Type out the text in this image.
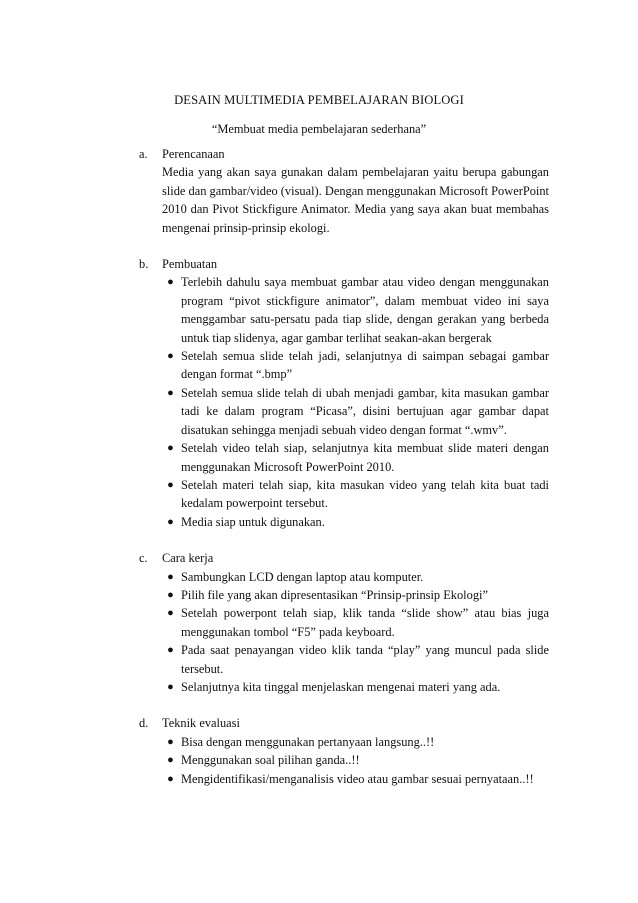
DESAIN MULTIMEDIA PEMBELAJARAN BIOLOGI
“Membuat media pembelajaran sederhana”
a.	Perencanaan
Media yang akan saya gunakan dalam pembelajaran yaitu berupa gabungan slide dan gambar/video (visual). Dengan menggunakan Microsoft PowerPoint 2010 dan Pivot Stickfigure Animator. Media yang saya akan buat membahas mengenai prinsip-prinsip ekologi.
b.	Pembuatan
● Terlebih dahulu saya membuat gambar atau video dengan menggunakan program “pivot stickfigure animator”, dalam membuat video ini saya menggambar satu-persatu pada tiap slide, dengan gerakan yang berbeda untuk tiap slidenya, agar gambar terlihat seakan-akan bergerak
● Setelah semua slide telah jadi, selanjutnya di saimpan sebagai gambar dengan format “.bmp”
● Setelah semua slide telah di ubah menjadi gambar, kita masukan gambar tadi ke dalam program “Picasa”, disini bertujuan agar gambar dapat disatukan sehingga menjadi sebuah video dengan format “.wmv”.
● Setelah video telah siap, selanjutnya kita membuat slide materi dengan menggunakan Microsoft PowerPoint 2010.
● Setelah materi telah siap, kita masukan video yang telah kita buat tadi kedalam powerpoint tersebut.
● Media siap untuk digunakan.
c.	Cara kerja
● Sambungkan LCD dengan laptop atau komputer.
● Pilih file yang akan dipresentasikan “Prinsip-prinsip Ekologi”
● Setelah powerpont telah siap, klik tanda “slide show” atau bias juga menggunakan tombol “F5” pada keyboard.
● Pada saat penayangan video klik tanda “play” yang muncul pada slide tersebut.
● Selanjutnya kita tinggal menjelaskan mengenai materi yang ada.
d.	Teknik evaluasi
● Bisa dengan menggunakan pertanyaan langsung..!!
● Menggunakan soal pilihan ganda..!!
● Mengidentifikasi/menganalisis video atau gambar sesuai pernyataan..!!
